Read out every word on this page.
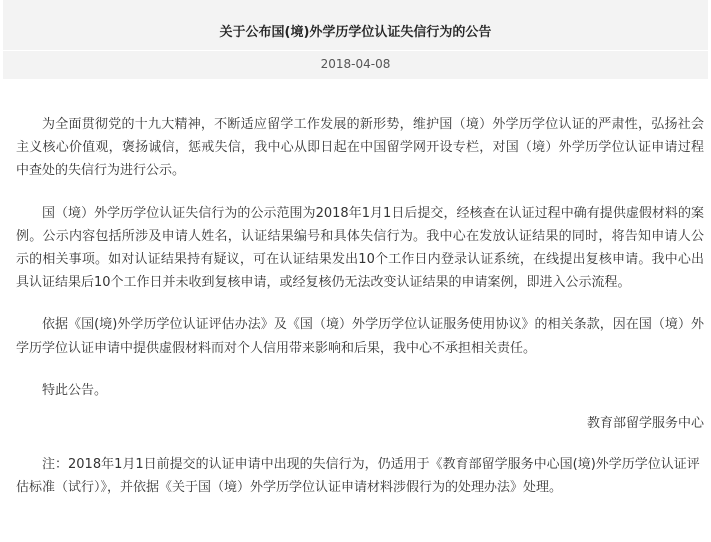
关于公布国(境)外学历学位认证失信行为的公告
2018-04-08

为全面贯彻党的十九大精神，不断适应留学工作发展的新形势，维护国（境）外学历学位认证的严肃性，弘扬社会主义核心价值观，褒扬诚信，惩戒失信，我中心从即日起在中国留学网开设专栏，对国（境）外学历学位认证申请过程中查处的失信行为进行公示。

国（境）外学历学位认证失信行为的公示范围为2018年1月1日后提交，经核查在认证过程中确有提供虚假材料的案例。公示内容包括所涉及申请人姓名，认证结果编号和具体失信行为。我中心在发放认证结果的同时，将告知申请人公示的相关事项。如对认证结果持有疑议，可在认证结果发出10个工作日内登录认证系统，在线提出复核申请。我中心出具认证结果后10个工作日并未收到复核申请，或经复核仍无法改变认证结果的申请案例，即进入公示流程。

依据《国(境)外学历学位认证评估办法》及《国（境）外学历学位认证服务使用协议》的相关条款，因在国（境）外学历学位认证申请中提供虚假材料而对个人信用带来影响和后果，我中心不承担相关责任。

特此公告。

教育部留学服务中心

注：2018年1月1日前提交的认证申请中出现的失信行为，仍适用于《教育部留学服务中心国(境)外学历学位认证评估标准（试行）》，并依据《关于国（境）外学历学位认证申请材料涉假行为的处理办法》处理。
